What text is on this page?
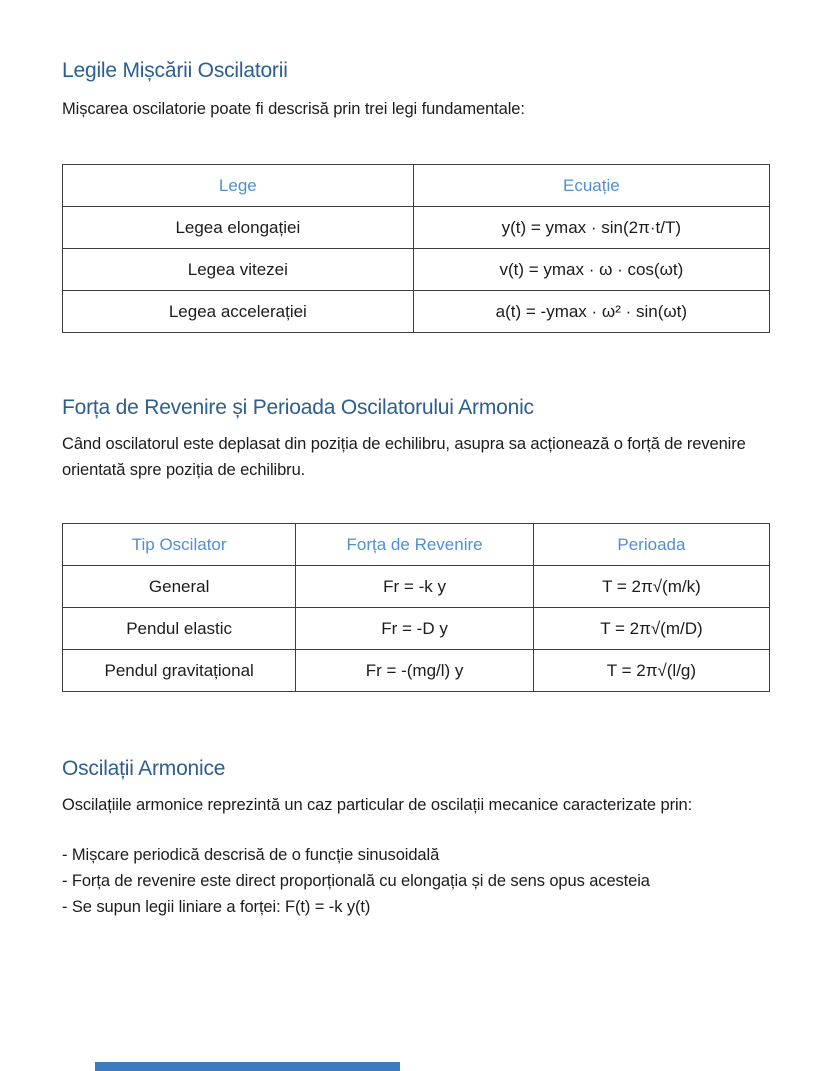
Legile Mișcării Oscilatorii

Mișcarea oscilatorie poate fi descrisă prin trei legi fundamentale:

Lege	Ecuație
Legea elongației	y(t) = ymax · sin(2π·t/T)
Legea vitezei	v(t) = ymax · ω · cos(ωt)
Legea accelerației	a(t) = -ymax · ω² · sin(ωt)
Forța de Revenire și Perioada Oscilatorului Armonic

Când oscilatorul este deplasat din poziția de echilibru, asupra sa acționează o forță de revenire orientată spre poziția de echilibru.

Tip Oscilator	Forța de Revenire	Perioada
General	Fr = -k y	T = 2π√(m/k)
Pendul elastic	Fr = -D y	T = 2π√(m/D)
Pendul gravitațional	Fr = -(mg/l) y	T = 2π√(l/g)
Oscilații Armonice

Oscilațiile armonice reprezintă un caz particular de oscilații mecanice caracterizate prin:

- Mișcare periodică descrisă de o funcție sinusoidală
- Forța de revenire este direct proporțională cu elongația și de sens opus acesteia
- Se supun legii liniare a forței: F(t) = -k y(t)
